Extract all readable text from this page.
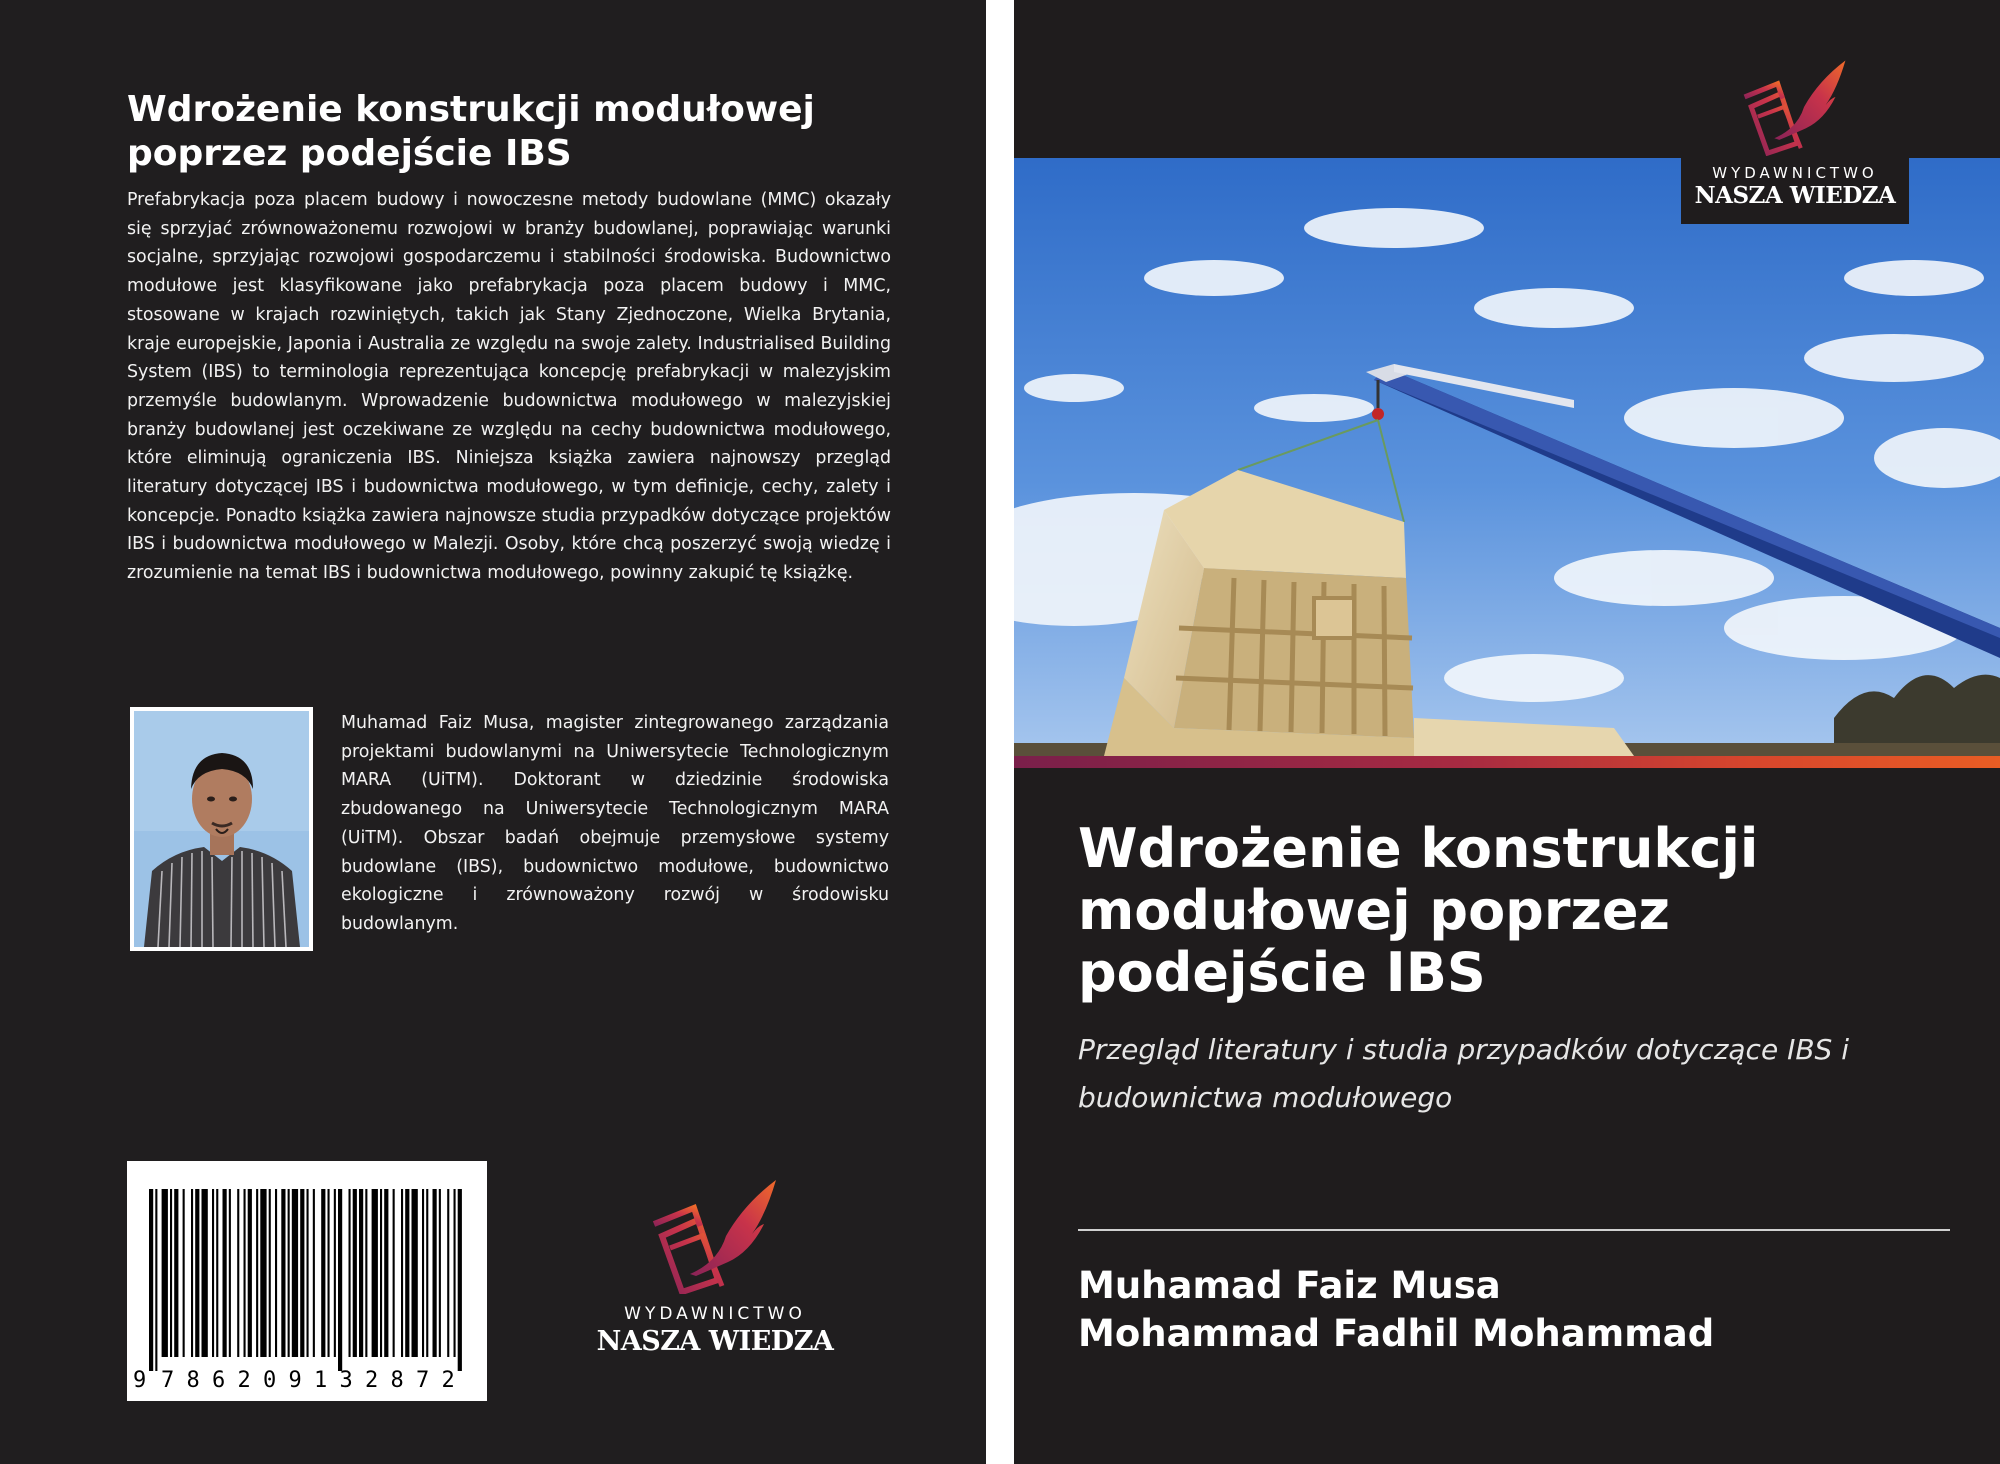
Wdrożenie konstrukcji modułowej poprzez podejście IBS

Prefabrykacja poza placem budowy i nowoczesne metody budowlane (MMC) okazały się sprzyjać zrównoważonemu rozwojowi w branży budowlanej, poprawiając warunki socjalne, sprzyjając rozwojowi gospodarczemu i stabilności środowiska. Budownictwo modułowe jest klasyfikowane jako prefabrykacja poza placem budowy i MMC, stosowane w krajach rozwiniętych, takich jak Stany Zjednoczone, Wielka Brytania, kraje europejskie, Japonia i Australia ze względu na swoje zalety. Industrialised Building System (IBS) to terminologia reprezentująca koncepcję prefabrykacji w malezyjskim przemyśle budowlanym. Wprowadzenie budownictwa modułowego w malezyjskiej branży budowlanej jest oczekiwane ze względu na cechy budownictwa modułowego, które eliminują ograniczenia IBS. Niniejsza książka zawiera najnowszy przegląd literatury dotyczącej IBS i budownictwa modułowego, w tym definicje, cechy, zalety i koncepcje. Ponadto książka zawiera najnowsze studia przypadków dotyczące projektów IBS i budownictwa modułowego w Malezji. Osoby, które chcą poszerzyć swoją wiedzę i zrozumienie na temat IBS i budownictwa modułowego, powinny zakupić tę książkę.

Muhamad Faiz Musa, magister zintegrowanego zarządzania projektami budowlanymi na Uniwersytecie Technologicznym MARA (UiTM). Doktorant w dziedzinie środowiska zbudowanego na Uniwersytecie Technologicznym MARA (UiTM). Obszar badań obejmuje przemysłowe systemy budowlane (IBS), budownictwo modułowe, budownictwo ekologiczne i zrównoważony rozwój w środowisku budowlanym.

9 7 8 6 2 0 9 1 3 2 8 7 2
WYDAWNICTWO
NASZA WIEDZA
WYDAWNICTWO
NASZA WIEDZA
Wdrożenie konstrukcji modułowej poprzez podejście IBS

Przegląd literatury i studia przypadków dotyczące IBS i budownictwa modułowego

Muhamad Faiz Musa

Mohammad Fadhil Mohammad
